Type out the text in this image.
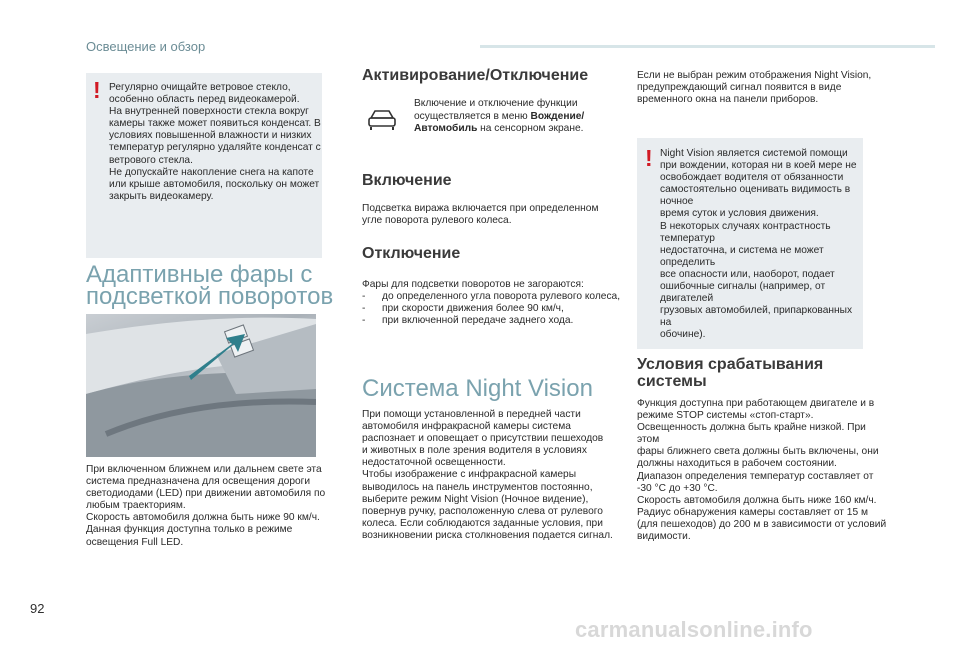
Освещение и обзор
! Регулярно очищайте ветровое стекло,
особенно область перед видеокамерой.
На внутренней поверхности стекла вокруг
камеры также может появиться конденсат. В
условиях повышенной влажности и низких
температур регулярно удаляйте конденсат с
ветрового стекла.
Не допускайте накопление снега на капоте
или крыше автомобиля, поскольку он может
закрыть видеокамеру.
Адаптивные фары с
подсветкой поворотов
При включенном ближнем или дальнем свете эта
система предназначена для освещения дороги
светодиодами (LED) при движении автомобиля по
любым траекториям.
Скорость автомобиля должна быть ниже 90 км/ч.
Данная функция доступна только в режиме
освещения Full LED.
Активирование/Отключение
Включение и отключение функции
осуществляется в меню Вождение/
Автомобиль на сенсорном экране.
Включение
Подсветка виража включается при определенном
угле поворота рулевого колеса.
Отключение
Фары для подсветки поворотов не загораются:
- до определенного угла поворота рулевого колеса,
- при скорости движения более 90 км/ч,
- при включенной передаче заднего хода.
Система Night Vision
При помощи установленной в передней части
автомобиля инфракрасной камеры система
распознает и оповещает о присутствии пешеходов
и животных в поле зрения водителя в условиях
недостаточной освещенности.
Чтобы изображение с инфракрасной камеры
выводилось на панель инструментов постоянно,
выберите режим Night Vision (Ночное видение),
повернув ручку, расположенную слева от рулевого
колеса. Если соблюдаются заданные условия, при
возникновении риска столкновения подается сигнал.
Если не выбран режим отображения Night Vision,
предупреждающий сигнал появится в виде
временного окна на панели приборов.
! Night Vision является системой помощи
при вождении, которая ни в коей мере не
освобождает водителя от обязанности
самостоятельно оценивать видимость в ночное
время суток и условия движения.
В некоторых случаях контрастность температур
недостаточна, и система не может определить
все опасности или, наоборот, подает
ошибочные сигналы (например, от двигателей
грузовых автомобилей, припаркованных на
обочине).
Условия срабатывания
системы
Функция доступна при работающем двигателе и в
режиме STOP системы «стоп-старт».
Освещенность должна быть крайне низкой. При этом
фары ближнего света должны быть включены, они
должны находиться в рабочем состоянии.
Диапазон определения температур составляет от
-30 °C до +30 °C.
Скорость автомобиля должна быть ниже 160 км/ч.
Радиус обнаружения камеры составляет от 15 м
(для пешеходов) до 200 м в зависимости от условий
видимости.
92
carmanualsonline.info
